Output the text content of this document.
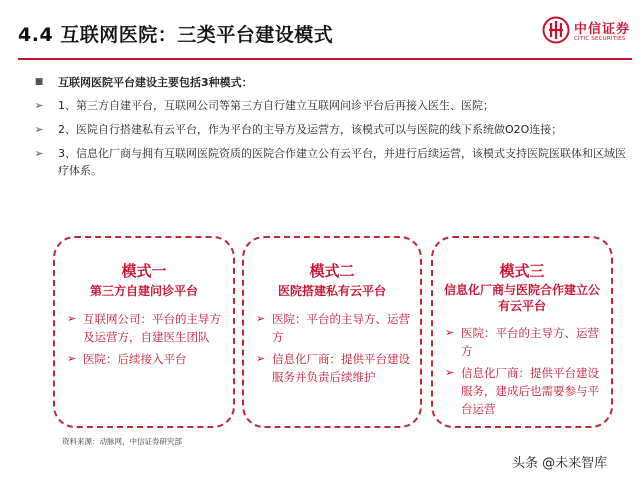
4.4 互联网医院：三类平台建设模式	中信证券
CITIC SECURITIES
■	互联网医院平台建设主要包括3种模式：
➢	1、第三方自建平台，互联网公司等第三方自行建立互联网问诊平台后再接入医生、医院；
➢	2、医院自行搭建私有云平台，作为平台的主导方及运营方，该模式可以与医院的线下系统做O2O连接；
➢	3、信息化厂商与拥有互联网医院资质的医院合作建立公有云平台，并进行后续运营，该模式支持医院医联体和区域医疗体系。
模式一
第三方自建问诊平台
➢ 互联网公司：平台的主导方及运营方，自建医生团队
➢ 医院：后续接入平台
模式二
医院搭建私有云平台
➢ 医院：平台的主导方、运营方
➢ 信息化厂商：提供平台建设服务并负责后续维护
模式三
信息化厂商与医院合作建立公有云平台
➢ 医院：平台的主导方、运营方
➢ 信息化厂商：提供平台建设服务，建成后也需要参与平台运营
资料来源：动脉网，中信证券研究部
头条 @未来智库
